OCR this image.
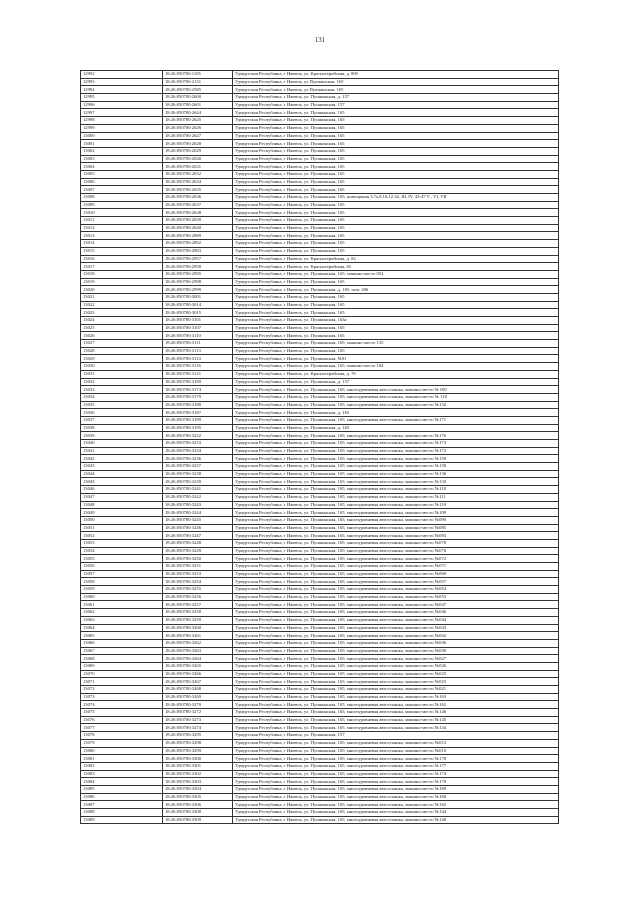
131
12992	18:26:050700:1105	Удмуртская Республика, г Ижевск, ул. Красногеройская, д. 80б
12993	18:26:050700:2131	Удмуртская Республика, г Ижевск, ул Пушкинская, 165
12994	18:26:050700:2585	Удмуртская Республика, г Ижевск, ул Пушкинская, 165
12995	18:26:050700:2600	Удмуртская Республика, г Ижевск, ул. Пушкинская, д. 157
12996	18:26:050700:2601	Удмуртская Республика, г Ижевск, ул. Пушкинская, 157
12997	18:26:050700:2624	Удмуртская Республика, г Ижевск, ул. Пушкинская, 165
12998	18:26:050700:2625	Удмуртская Республика, г Ижевск, ул. Пушкинская, 165
12999	18:26:050700:2626	Удмуртская Республика, г Ижевск, ул. Пушкинская, 165
13000	18:26:050700:2627	Удмуртская Республика, г Ижевск, ул. Пушкинская, 165
13001	18:26:050700:2628	Удмуртская Республика, г Ижевск, ул. Пушкинская, 165
13002	18:26:050700:2629	Удмуртская Республика, г Ижевск, ул. Пушкинская, 165
13003	18:26:050700:2630	Удмуртская Республика, г Ижевск, ул. Пушкинская, 165
13004	18:26:050700:2631	Удмуртская Республика, г Ижевск, ул. Пушкинская, 165
13005	18:26:050700:2632	Удмуртская Республика, г Ижевск, ул. Пушкинская, 165
13006	18:26:050700:2634	Удмуртская Республика, г Ижевск, ул. Пушкинская, 165
13007	18:26:050700:2635	Удмуртская Республика, г Ижевск, ул. Пушкинская, 165
13008	18:26:050700:2636	Удмуртская Республика, г Ижевск, ул. Пушкинская, 165, помещения 3,7а,9,10,12-42, III, IV, 43-47 V , VI, VII
13009	18:26:050700:2637	Удмуртская Республика, г Ижевск, ул. Пушкинская, 165
13010	18:26:050700:2638	Удмуртская Республика, г Ижевск, ул. Пушкинская, 165
13011	18:26:050700:2639	Удмуртская Республика, г Ижевск, ул. Пушкинская, 165
13012	18:26:050700:2640	Удмуртская Республика, г Ижевск, ул. Пушкинская, 165
13013	18:26:050700:2889	Удмуртская Республика, г Ижевск, ул. Пушкинская, 165
13014	18:26:050700:2892	Удмуртская Республика, г Ижевск, ул. Пушкинская, 165
13015	18:26:050700:2903	Удмуртская Республика, г Ижевск, ул. Пушкинская, 165
13016	18:26:050700:2957	Удмуртская Республика, г Ижевск, ул. Красногеройская, д. 82
13017	18:26:050700:2958	Удмуртская Республика, г Ижевск, ул. Красногеройская, 82
13018	18:26:050700:2995	Удмуртская Республика, г Ижевск, ул. Пушкинская, 165, машино-место 052
13019	18:26:050700:2998	Удмуртская Республика, г Ижевск, ул. Пушкинская, 165
13020	18:26:050700:2999	Удмуртская Республика, г Ижевск, ул. Пушкинская, д. 165, пом. 206
13021	18:26:050700:3001	Удмуртская Республика, г Ижевск, ул. Пушкинская, 165
13022	18:26:050700:3014	Удмуртская Республика, г Ижевск, ул. Пушкинская, 165
13023	18:26:050700:3015	Удмуртская Республика, г Ижевск, ул. Пушкинская, 165
13024	18:26:050700:3101	Удмуртская Республика, г Ижевск, ул. Пушкинская, 163а
13025	18:26:050700:3107	Удмуртская Республика, г Ижевск, ул. Пушкинская, 165
13026	18:26:050700:3110	Удмуртская Республика, г Ижевск, ул. Пушкинская, 165
13027	18:26:050700:3111	Удмуртская Республика, г Ижевск, ул. Пушкинская, 165, машино-место 135
13028	18:26:050700:3113	Удмуртская Республика, г Ижевск, ул. Пушкинская, 165
13029	18:26:050700:3114	Удмуртская Республика, г Ижевск, ул. Пушкинская, №91
13030	18:26:050700:3116	Удмуртская Республика, г Ижевск, ул. Пушкинская, 165, машино-место 104
13031	18:26:050700:3121	Удмуртская Республика, г Ижевск, ул. Красногеройская, д. 76
13032	18:26:050700:3169	Удмуртская Республика, г Ижевск, ул. Пушкинская, д. 157
13033	18:26:050700:3174	Удмуртская Республика, г Ижевск, ул. Пушкинская, 165, многоуровневая автостоянка, машино-место № 001
13034	18:26:050700:3179	Удмуртская Республика, г Ижевск, ул. Пушкинская, 165, многоуровневая автостоянка, машино-место № 110
13035	18:26:050700:3180	Удмуртская Республика, г Ижевск, ул. Пушкинская, 165, многоуровневая автостоянка, машино-место №132
13036	18:26:050700:3187	Удмуртская Республика, г Ижевск, ул. Пушкинская, д. 165
13037	18:26:050700:3189	Удмуртская Республика, г Ижевск, ул. Пушкинская, 165, многоуровневая автостоянка, машино-место №171
13038	18:26:050700:3195	Удмуртская Республика, г Ижевск, ул. Пушкинская, д. 165
13039	18:26:050700:3232	Удмуртская Республика, г Ижевск, ул. Пушкинская, 165, многоуровневая автостоянка, машино-место №176
13040	18:26:050700:3233	Удмуртская Республика, г Ижевск, ул. Пушкинская, 165, многоуровневая автостоянка, машино-место №173
13041	18:26:050700:3234	Удмуртская Республика, г Ижевск, ул. Пушкинская, 165, многоуровневая автостоянка, машино-место №172
13042	18:26:050700:3236	Удмуртская Республика, г Ижевск, ул. Пушкинская, 165, многоуровневая автостоянка, машино-место №159
13043	18:26:050700:3237	Удмуртская Республика, г Ижевск, ул. Пушкинская, 165, многоуровневая автостоянка, машино-место №158
13044	18:26:050700:3238	Удмуртская Республика, г Ижевск, ул. Пушкинская, 165, многоуровневая автостоянка, машино-место №136
13045	18:26:050700:3239	Удмуртская Республика, г Ижевск, ул. Пушкинская, 165, многоуровневая автостоянка, машино-место №133
13046	18:26:050700:3241	Удмуртская Республика, г Ижевск, ул. Пушкинская, 165, многоуровневая автостоянка, машино-место №118
13047	18:26:050700:3242	Удмуртская Республика, г Ижевск, ул. Пушкинская, 165, многоуровневая автостоянка, машино-место №111
13048	18:26:050700:3243	Удмуртская Республика, г Ижевск, ул. Пушкинская, 165, многоуровневая автостоянка, машино-место №110
13049	18:26:050700:3244	Удмуртская Республика, г Ижевск, ул. Пушкинская, 165, многоуровневая автостоянка, машино-место №109
13050	18:26:050700:3245	Удмуртская Республика, г Ижевск, ул. Пушкинская, 165, многоуровневая автостоянка, машино-место №090
13051	18:26:050700:3246	Удмуртская Республика, г Ижевск, ул. Пушкинская, 165, многоуровневая автостоянка, машино-место №085
13052	18:26:050700:3247	Удмуртская Республика, г Ижевск, ул. Пушкинская, 165, многоуровневая автостоянка, машино-место №083
13053	18:26:050700:3248	Удмуртская Республика, г Ижевск, ул. Пушкинская, 165, многоуровневая автостоянка, машино-место №078
13054	18:26:050700:3249	Удмуртская Республика, г Ижевск, ул. Пушкинская, 165, многоуровневая автостоянка, машино-место №076
13055	18:26:050700:3250	Удмуртская Республика, г Ижевск, ул. Пушкинская, 165, многоуровневая автостоянка, машино-место №072
13056	18:26:050700:3251	Удмуртская Республика, г Ижевск, ул. Пушкинская, 165, многоуровневая автостоянка, машино-место №071
13057	18:26:050700:3253	Удмуртская Республика, г Ижевск, ул. Пушкинская, 165, многоуровневая автостоянка, машино-место №060
13058	18:26:050700:3254	Удмуртская Республика, г Ижевск, ул. Пушкинская, 165, многоуровневая автостоянка, машино-место №057
13059	18:26:050700:3255	Удмуртская Республика, г Ижевск, ул. Пушкинская, 165, многоуровневая автостоянка, машино-место №054
13060	18:26:050700:3256	Удмуртская Республика, г Ижевск, ул. Пушкинская, 165, многоуровневая автостоянка, машино-место №053
13061	18:26:050700:3257	Удмуртская Республика, г Ижевск, ул. Пушкинская, 165, многоуровневая автостоянка, машино-место №047
13062	18:26:050700:3258	Удмуртская Республика, г Ижевск, ул. Пушкинская, 165, многоуровневая автостоянка, машино-место №046
13063	18:26:050700:3259	Удмуртская Республика, г Ижевск, ул. Пушкинская, 165, многоуровневая автостоянка, машино-место №044
13064	18:26:050700:3260	Удмуртская Республика, г Ижевск, ул. Пушкинская, 165, многоуровневая автостоянка, машино-место №043
13065	18:26:050700:3261	Удмуртская Республика, г Ижевск, ул. Пушкинская, 165, многоуровневая автостоянка, машино-место №042
13066	18:26:050700:3262	Удмуртская Республика, г Ижевск, ул. Пушкинская, 165, многоуровневая автостоянка, машино-место №036
13067	18:26:050700:3263	Удмуртская Республика, г Ижевск, ул. Пушкинская, 165, многоуровневая автостоянка, машино-место №030
13068	18:26:050700:3264	Удмуртская Республика, г Ижевск, ул. Пушкинская, 165, многоуровневая автостоянка, машино-место №027
13069	18:26:050700:3265	Удмуртская Республика, г Ижевск, ул. Пушкинская, 165, многоуровневая автостоянка, машино-место №026
13070	18:26:050700:3266	Удмуртская Республика, г Ижевск, ул. Пушкинская, 165, многоуровневая автостоянка, машино-место №025
13071	18:26:050700:3267	Удмуртская Республика, г Ижевск, ул. Пушкинская, 165, многоуровневая автостоянка, машино-место №023
13072	18:26:050700:3268	Удмуртская Республика, г Ижевск, ул. Пушкинская, 165, многоуровневая автостоянка, машино-место №021
13073	18:26:050700:3269	Удмуртская Республика, г Ижевск, ул. Пушкинская, 165, многоуровневая автостоянка, машино-место №163
13074	18:26:050700:3270	Удмуртская Республика, г Ижевск, ул. Пушкинская, 165, многоуровневая автостоянка, машино-место №162
13075	18:26:050700:3272	Удмуртская Республика, г Ижевск, ул. Пушкинская, 165, многоуровневая автостоянка, машино-место №146
13076	18:26:050700:3273	Удмуртская Республика, г Ижевск, ул. Пушкинская, 165, многоуровневая автостоянка, машино-место №145
13077	18:26:050700:3274	Удмуртская Республика, г Ижевск, ул. Пушкинская, 165, многоуровневая автостоянка, машино-место №134
13078	18:26:050700:3295	Удмуртская Республика, г Ижевск, ул. Пушкинская, 157
13079	18:26:050700:3298	Удмуртская Республика, г Ижевск, ул. Пушкинская, 165, многоуровневая автостоянка, машино-место №013
13080	18:26:050700:3299	Удмуртская Республика, г Ижевск, ул. Пушкинская, 165, многоуровневая автостоянка, машино-место №010
13081	18:26:050700:3300	Удмуртская Республика, г Ижевск, ул. Пушкинская, 165, многоуровневая автостоянка, машино-место №178
13082	18:26:050700:3301	Удмуртская Республика, г Ижевск, ул. Пушкинская, 165, многоуровневая автостоянка, машино-место №177
13083	18:26:050700:3302	Удмуртская Республика, г Ижевск, ул. Пушкинская, 165, многоуровневая автостоянка, машино-место №174
13084	18:26:050700:3303	Удмуртская Республика, г Ижевск, ул. Пушкинская, 165, многоуровневая автостоянка, машино-место №170
13085	18:26:050700:3304	Удмуртская Республика, г Ижевск, ул. Пушкинская, 165, многоуровневая автостоянка, машино-место №169
13086	18:26:050700:3305	Удмуртская Республика, г Ижевск, ул. Пушкинская, 165, многоуровневая автостоянка, машино-место №160
13087	18:26:050700:3306	Удмуртская Республика, г Ижевск, ул. Пушкинская, 165, многоуровневая автостоянка, машино-место №165
13088	18:26:050700:3308	Удмуртская Республика, г Ижевск, ул. Пушкинская, 165, многоуровневая автостоянка, машино-место №144
13089	18:26:050700:3309	Удмуртская Республика, г Ижевск, ул. Пушкинская, 165, многоуровневая автостоянка, машино-место №140
